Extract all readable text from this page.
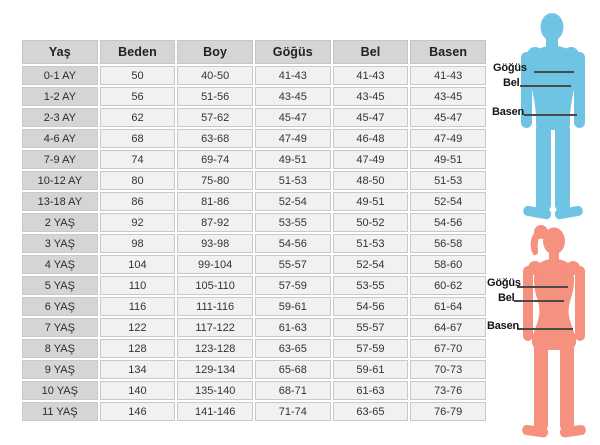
Yaş	Beden	Boy	Göğüs	Bel	Basen
0-1 AY	50	40-50	41-43	41-43	41-43
1-2 AY	56	51-56	43-45	43-45	43-45
2-3 AY	62	57-62	45-47	45-47	45-47
4-6 AY	68	63-68	47-49	46-48	47-49
7-9 AY	74	69-74	49-51	47-49	49-51
10-12 AY	80	75-80	51-53	48-50	51-53
13-18 AY	86	81-86	52-54	49-51	52-54
2 YAŞ	92	87-92	53-55	50-52	54-56
3 YAŞ	98	93-98	54-56	51-53	56-58
4 YAŞ	104	99-104	55-57	52-54	58-60
5 YAŞ	110	105-110	57-59	53-55	60-62
6 YAŞ	116	111-116	59-61	54-56	61-64
7 YAŞ	122	117-122	61-63	55-57	64-67
8 YAŞ	128	123-128	63-65	57-59	67-70
9 YAŞ	134	129-134	65-68	59-61	70-73
10 YAŞ	140	135-140	68-71	61-63	73-76
11 YAŞ	146	141-146	71-74	63-65	76-79
Göğüs
Bel
Basen
Göğüs
Bel
Basen
